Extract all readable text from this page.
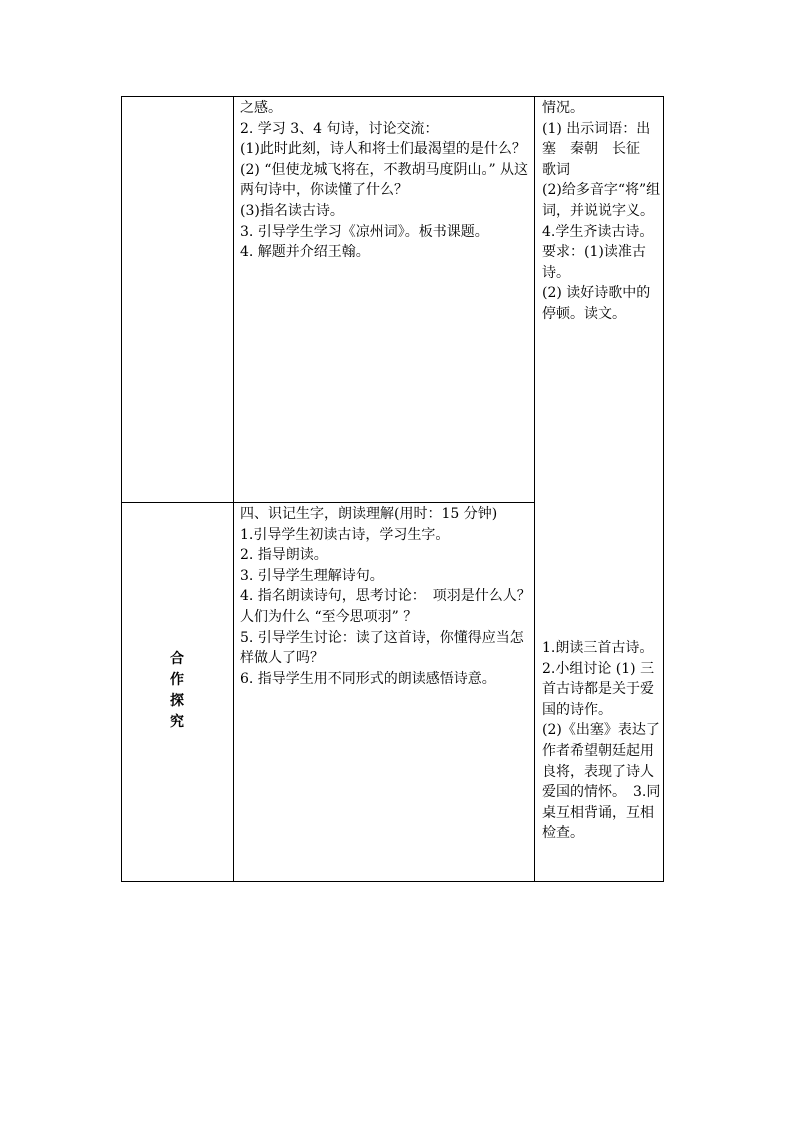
之感。

2. 学习 3、4 句诗，讨论交流：

(1)此时此刻，诗人和将士们最渴望的是什么？

(2) “但使龙城飞将在，不教胡马度阴山。” 从这两句诗中，你读懂了什么？

(3)指名读古诗。

3. 引导学生学习《凉州词》。板书课题。

4. 解题并介绍王翰。

情况。

(1) 出示词语：出塞　秦朝　长征　歌词

(2)给多音字“将”组词，并说说字义。　4.学生齐读古诗。

要求：(1)读准古诗。

(2) 读好诗歌中的停顿。读文。

合
作
探
究

四、识记生字，朗读理解(用时：15 分钟)

1.引导学生初读古诗，学习生字。

2. 指导朗读。

3. 引导学生理解诗句。

4. 指名朗读诗句，思考讨论：　项羽是什么人？人们为什么 “至今思项羽” ？

5. 引导学生讨论：读了这首诗，你懂得应当怎样做人了吗？

6. 指导学生用不同形式的朗读感悟诗意。

1.朗读三首古诗。

2.小组讨论 (1) 三首古诗都是关于爱国的诗作。

(2)《出塞》表达了作者希望朝廷起用良将，表现了诗人爱国的情怀。　3.同桌互相背诵，互相检查。
